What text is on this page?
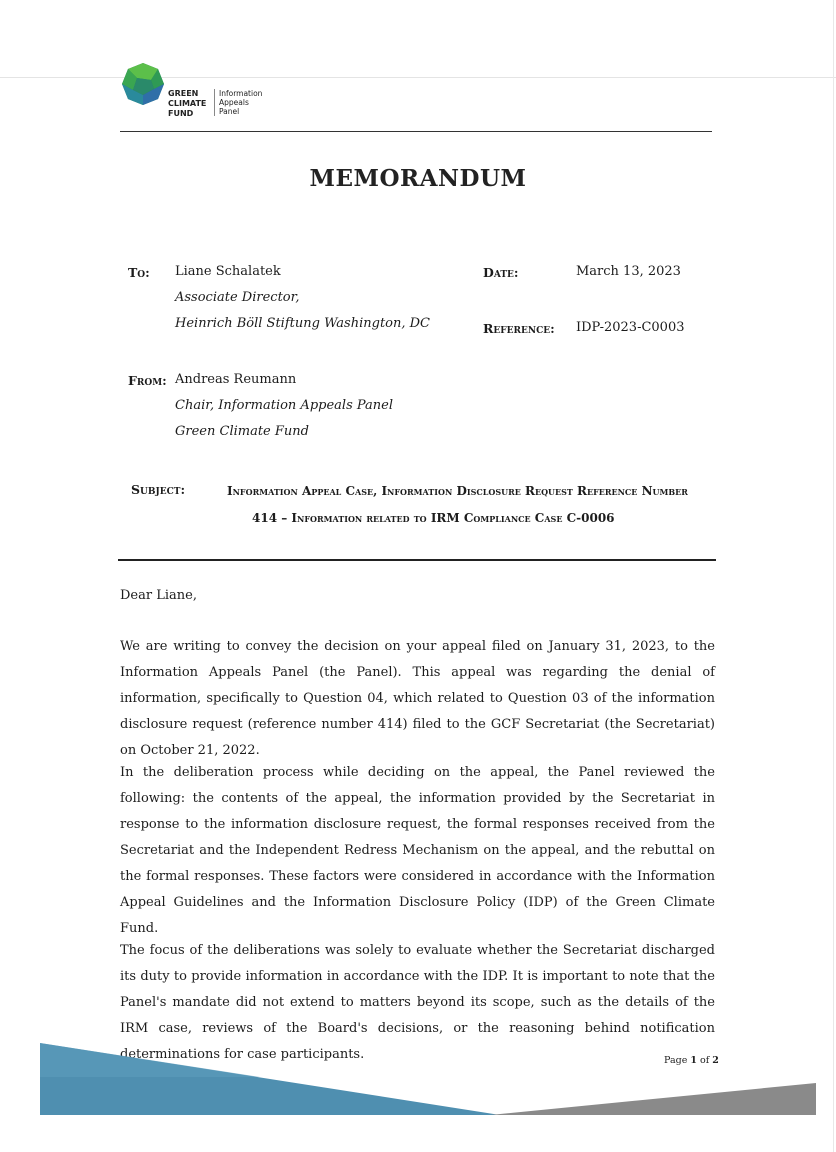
GREEN
CLIMATE
FUND
Information
Appeals
Panel
MEMORANDUM
To: Liane Schalatek
Associate Director,
Heinrich Böll Stiftung Washington, DC
Date:	March 13, 2023
Reference: IDP-2023-C0003
From: Andreas Reumann
Chair, Information Appeals Panel
Green Climate Fund
Subject:	Information Appeal Case, Information Disclosure Request Reference Number
414 – Information related to IRM Compliance Case C-0006
Dear Liane,
We are writing to convey the decision on your appeal filed on January 31, 2023, to the Information Appeals Panel (the Panel). This appeal was regarding the denial of information, specifically to Question 04, which related to Question 03 of the information disclosure request (reference number 414) filed to the GCF Secretariat (the Secretariat) on October 21, 2022.
In the deliberation process while deciding on the appeal, the Panel reviewed the following: the contents of the appeal, the information provided by the Secretariat in response to the information disclosure request, the formal responses received from the Secretariat and the Independent Redress Mechanism on the appeal, and the rebuttal on the formal responses. These factors were considered in accordance with the Information Appeal Guidelines and the Information Disclosure Policy (IDP) of the Green Climate Fund.
The focus of the deliberations was solely to evaluate whether the Secretariat discharged its duty to provide information in accordance with the IDP. It is important to note that the Panel's mandate did not extend to matters beyond its scope, such as the details of the IRM case, reviews of the Board's decisions, or the reasoning behind notification determinations for case participants.	Page 1 of 2
